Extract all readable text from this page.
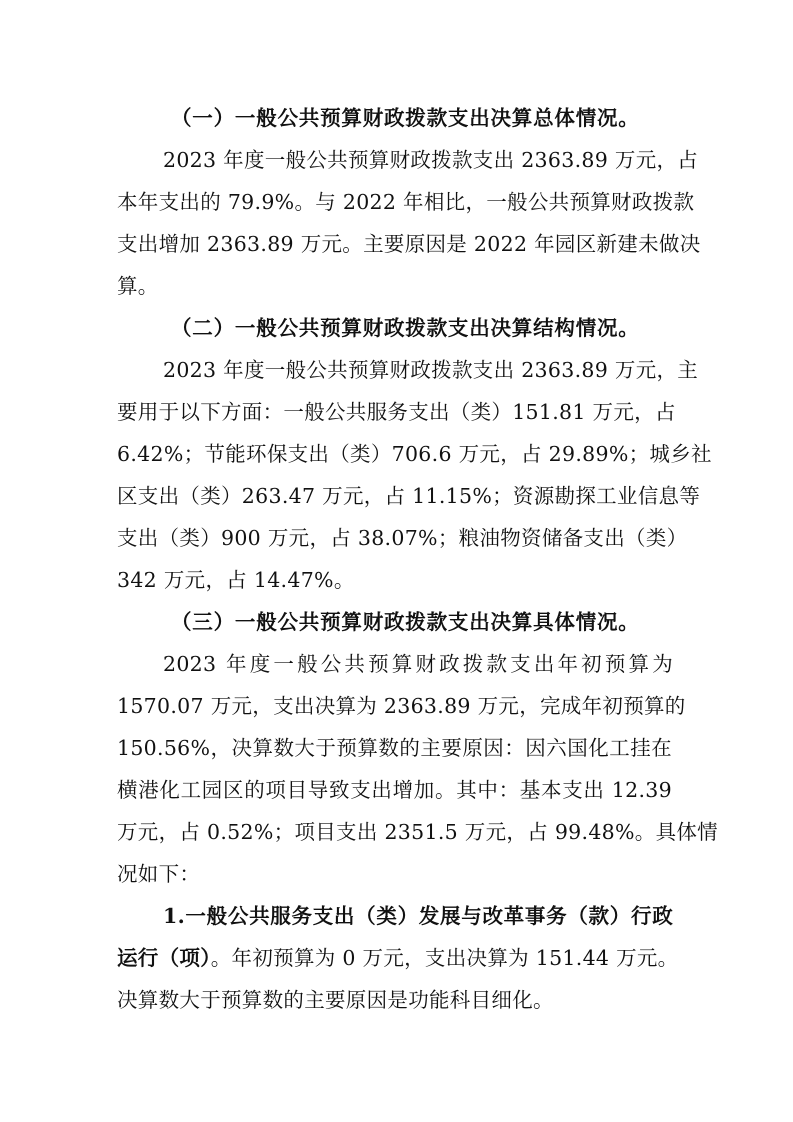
（一）一般公共预算财政拨款支出决算总体情况。
2023 年度一般公共预算财政拨款支出 2363.89 万元，占
本年支出的 79.9%。与 2022 年相比，一般公共预算财政拨款
支出增加 2363.89 万元。主要原因是 2022 年园区新建未做决
算。
（二）一般公共预算财政拨款支出决算结构情况。
2023 年度一般公共预算财政拨款支出 2363.89 万元，主
要用于以下方面：一般公共服务支出（类）151.81 万元，占
6.42%；节能环保支出（类）706.6 万元，占 29.89%；城乡社
区支出（类）263.47 万元，占 11.15%；资源勘探工业信息等
支出（类）900 万元，占 38.07%；粮油物资储备支出（类）
342 万元，占 14.47%。
（三）一般公共预算财政拨款支出决算具体情况。
2023 年度一般公共预算财政拨款支出年初预算为
1570.07 万元，支出决算为 2363.89 万元，完成年初预算的
150.56%，决算数大于预算数的主要原因：因六国化工挂在
横港化工园区的项目导致支出增加。其中：基本支出 12.39
万元，占 0.52%；项目支出 2351.5 万元，占 99.48%。具体情
况如下：
1.一般公共服务支出（类）发展与改革事务（款）行政
运行（项）。年初预算为 0 万元，支出决算为 151.44 万元。
决算数大于预算数的主要原因是功能科目细化。
